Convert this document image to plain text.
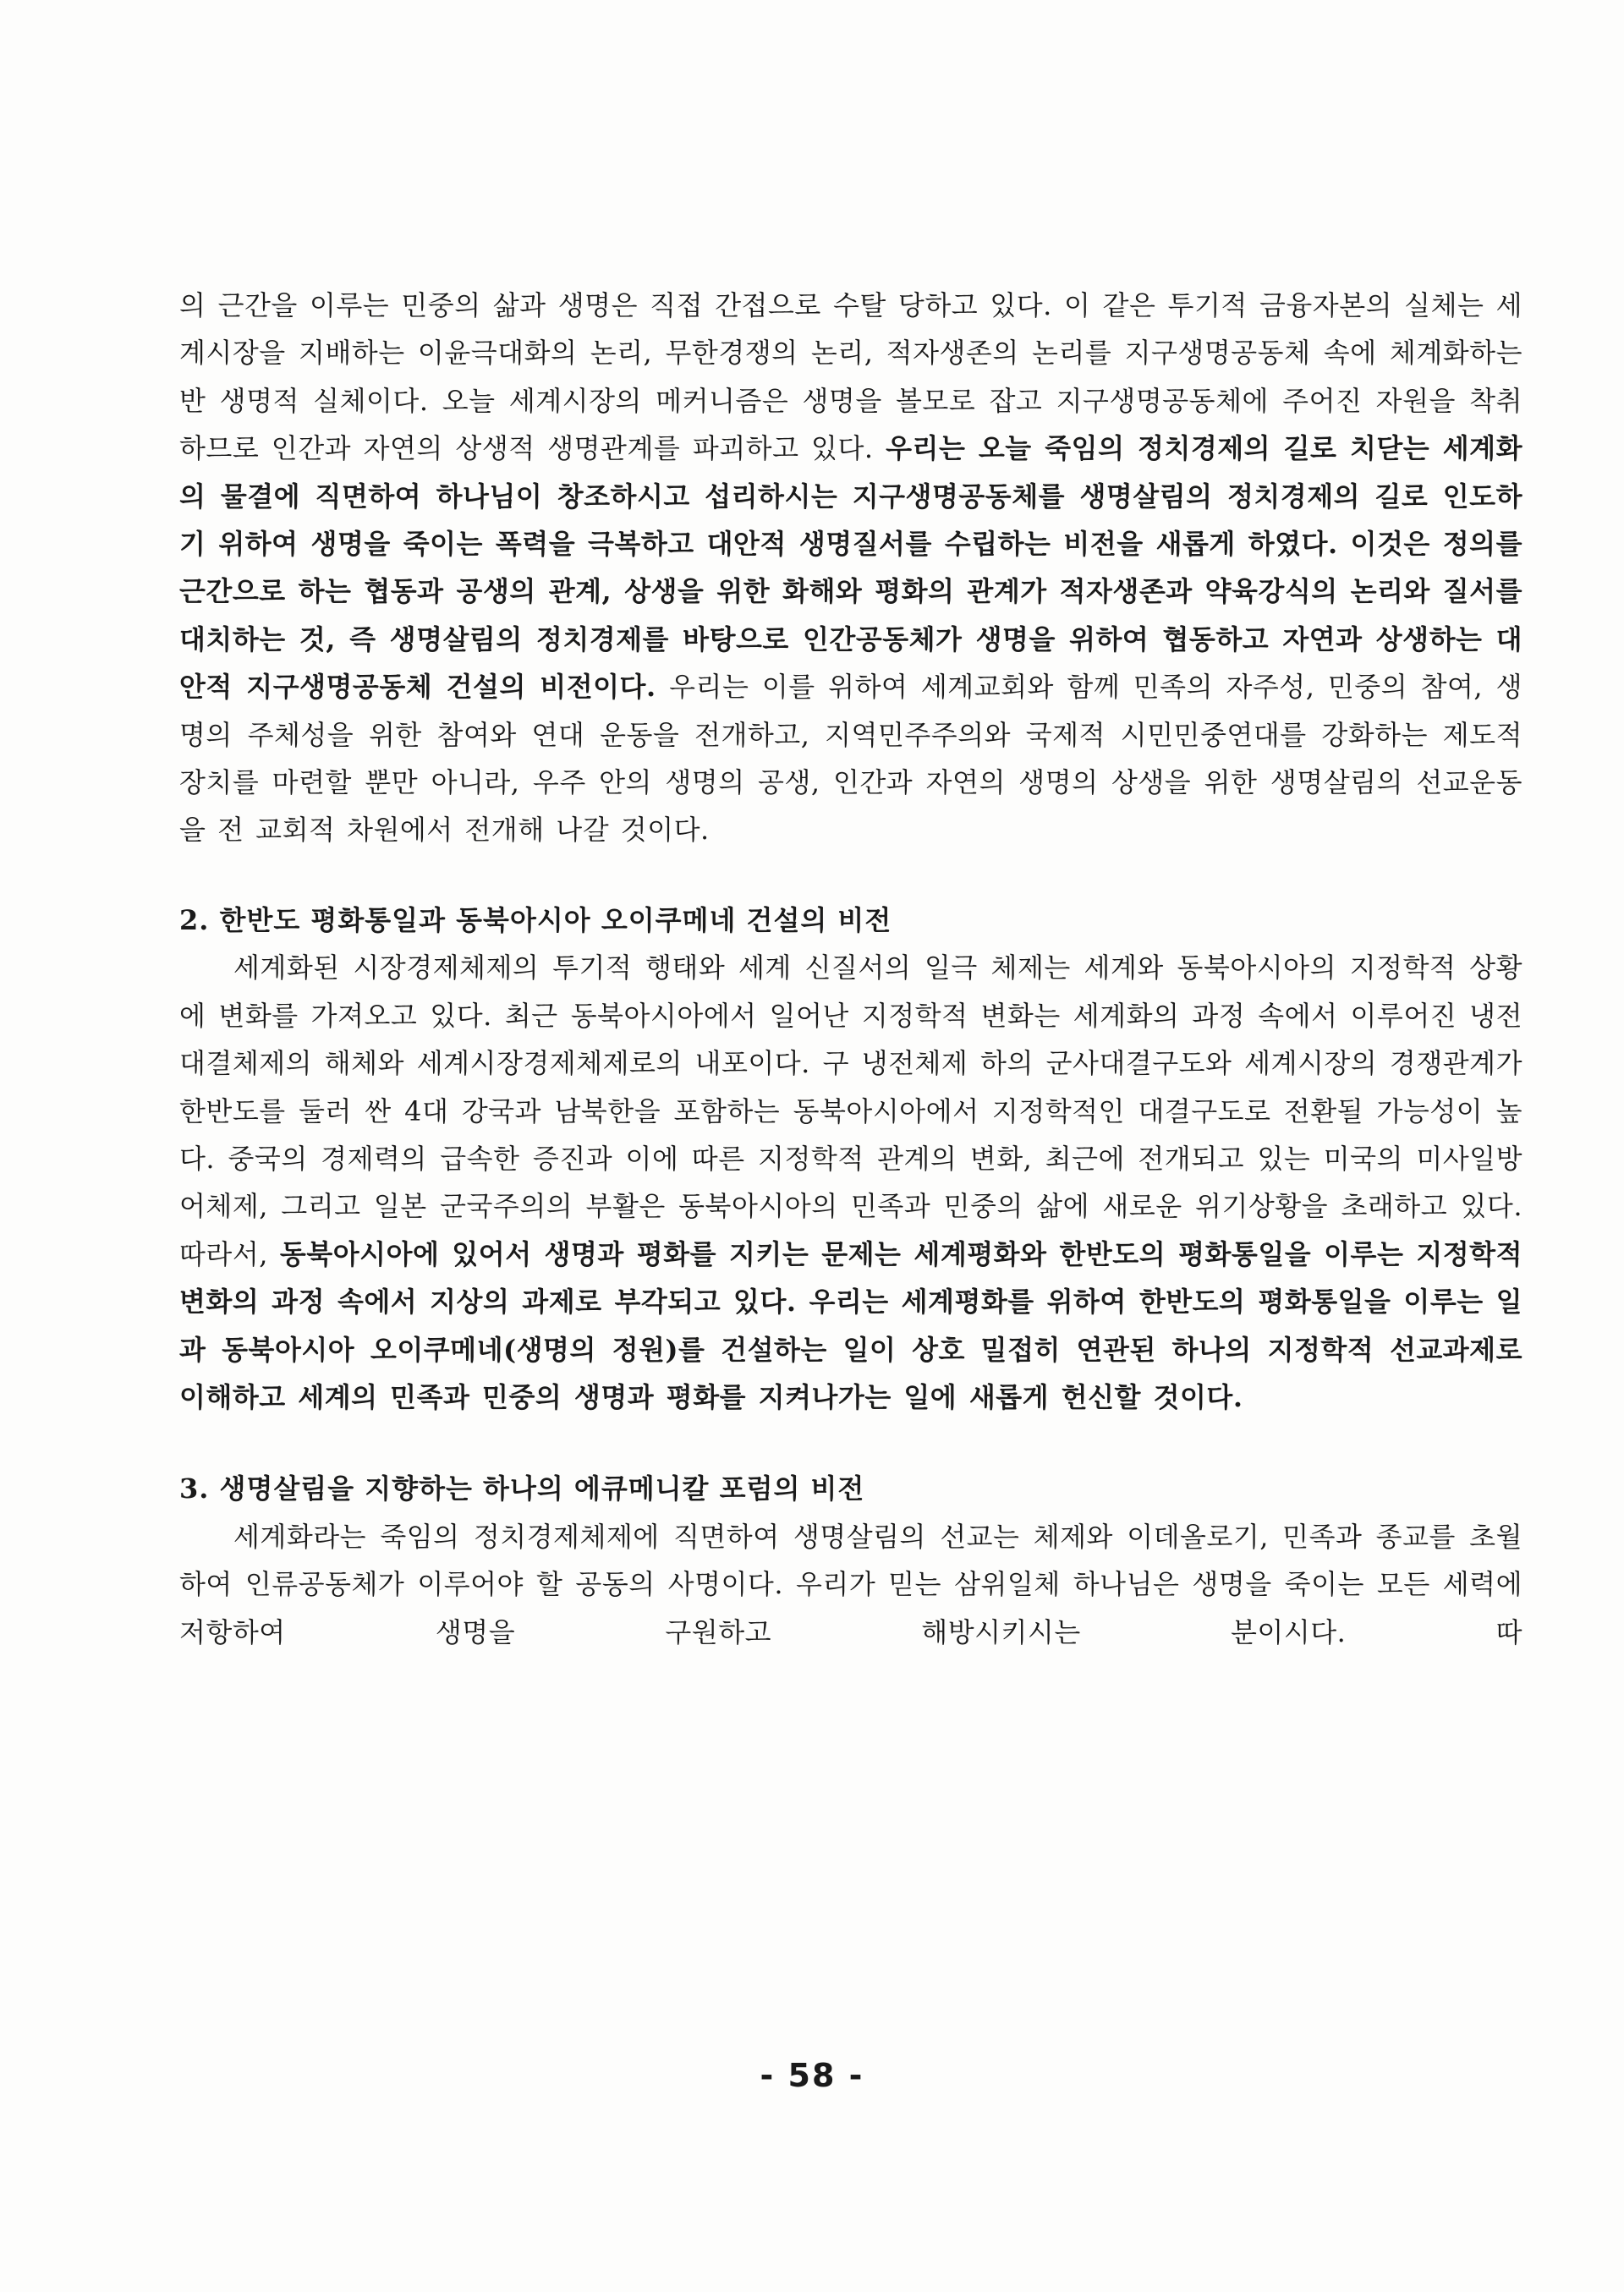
의 근간을 이루는 민중의 삶과 생명은 직접 간접으로 수탈 당하고 있다. 이 같은 투기적 금융자본의 실체는 세계시장을 지배하는 이윤극대화의 논리, 무한경쟁의 논리, 적자생존의 논리를 지구생명공동체 속에 체계화하는 반 생명적 실체이다. 오늘 세계시장의 메커니즘은 생명을 볼모로 잡고 지구생명공동체에 주어진 자원을 착취하므로 인간과 자연의 상생적 생명관계를 파괴하고 있다. 우리는 오늘 죽임의 정치경제의 길로 치닫는 세계화의 물결에 직면하여 하나님이 창조하시고 섭리하시는 지구생명공동체를 생명살림의 정치경제의 길로 인도하기 위하여 생명을 죽이는 폭력을 극복하고 대안적 생명질서를 수립하는 비전을 새롭게 하였다. 이것은 정의를 근간으로 하는 협동과 공생의 관계, 상생을 위한 화해와 평화의 관계가 적자생존과 약육강식의 논리와 질서를 대치하는 것, 즉 생명살림의 정치경제를 바탕으로 인간공동체가 생명을 위하여 협동하고 자연과 상생하는 대안적 지구생명공동체 건설의 비전이다. 우리는 이를 위하여 세계교회와 함께 민족의 자주성, 민중의 참여, 생명의 주체성을 위한 참여와 연대 운동을 전개하고, 지역민주주의와 국제적 시민민중연대를 강화하는 제도적 장치를 마련할 뿐만 아니라, 우주 안의 생명의 공생, 인간과 자연의 생명의 상생을 위한 생명살림의 선교운동을 전 교회적 차원에서 전개해 나갈 것이다.

2. 한반도 평화통일과 동북아시아 오이쿠메네 건설의 비전

세계화된 시장경제체제의 투기적 행태와 세계 신질서의 일극 체제는 세계와 동북아시아의 지정학적 상황에 변화를 가져오고 있다. 최근 동북아시아에서 일어난 지정학적 변화는 세계화의 과정 속에서 이루어진 냉전대결체제의 해체와 세계시장경제체제로의 내포이다. 구 냉전체제 하의 군사대결구도와 세계시장의 경쟁관계가 한반도를 둘러 싼 4대 강국과 남북한을 포함하는 동북아시아에서 지정학적인 대결구도로 전환될 가능성이 높다. 중국의 경제력의 급속한 증진과 이에 따른 지정학적 관계의 변화, 최근에 전개되고 있는 미국의 미사일방어체제, 그리고 일본 군국주의의 부활은 동북아시아의 민족과 민중의 삶에 새로운 위기상황을 초래하고 있다. 따라서, 동북아시아에 있어서 생명과 평화를 지키는 문제는 세계평화와 한반도의 평화통일을 이루는 지정학적 변화의 과정 속에서 지상의 과제로 부각되고 있다. 우리는 세계평화를 위하여 한반도의 평화통일을 이루는 일과 동북아시아 오이쿠메네(생명의 정원)를 건설하는 일이 상호 밀접히 연관된 하나의 지정학적 선교과제로 이해하고 세계의 민족과 민중의 생명과 평화를 지켜나가는 일에 새롭게 헌신할 것이다.

3. 생명살림을 지향하는 하나의 에큐메니칼 포럼의 비전

세계화라는 죽임의 정치경제체제에 직면하여 생명살림의 선교는 체제와 이데올로기, 민족과 종교를 초월하여 인류공동체가 이루어야 할 공동의 사명이다. 우리가 믿는 삼위일체 하나님은 생명을 죽이는 모든 세력에 저항하여 생명을 구원하고 해방시키시는 분이시다. 따

- 58 -
